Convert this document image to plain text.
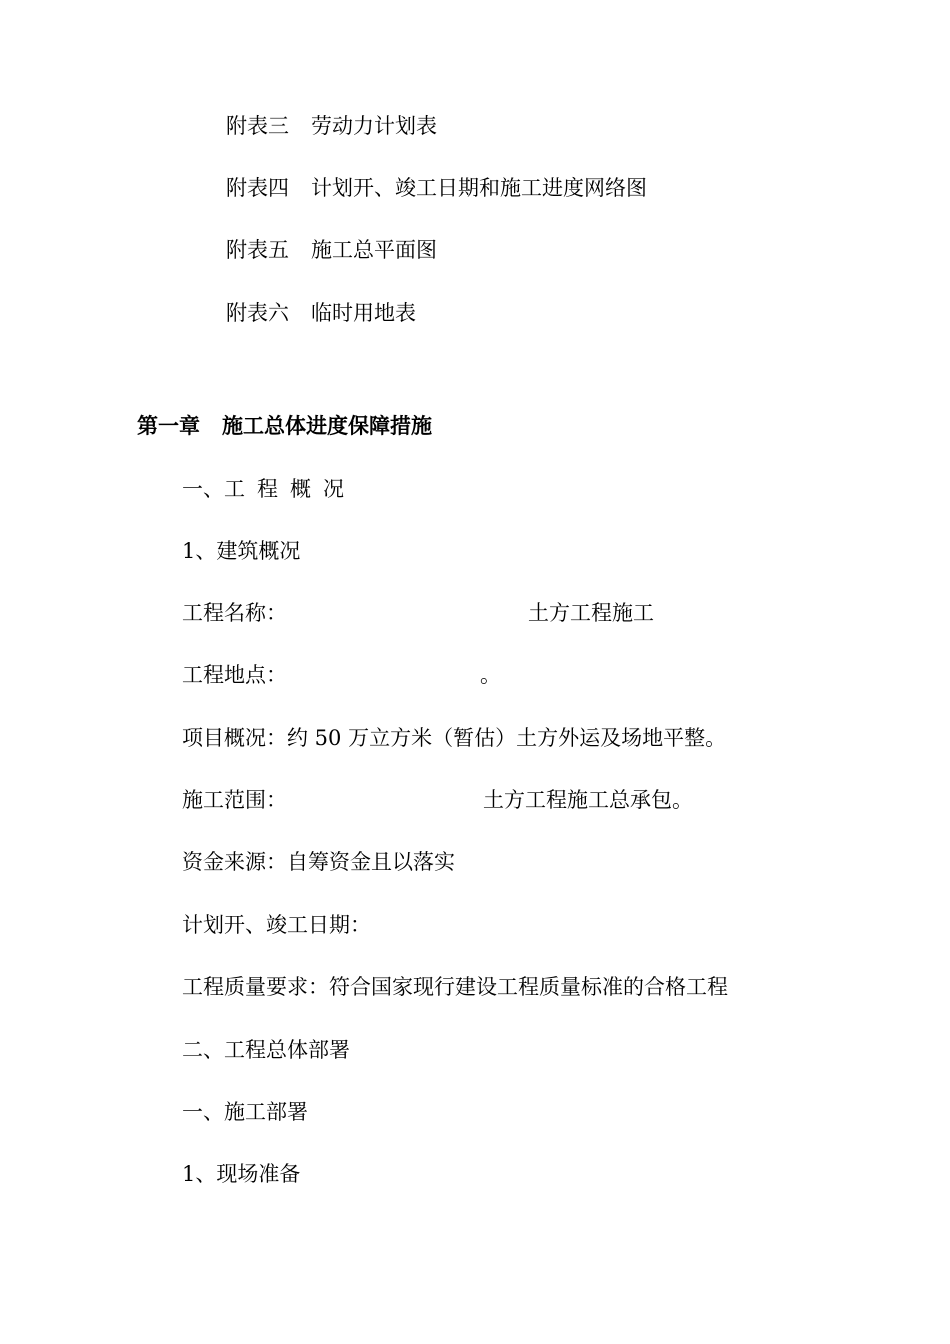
附表三 劳动力计划表
附表四 计划开、竣工日期和施工进度网络图
附表五 施工总平面图
附表六 临时用地表
第一章 施工总体进度保障措施
一、工 程 概 况
1、建筑概况
工程名称：	土方工程施工
工程地点：	。
项目概况：约 50 万立方米（暂估）土方外运及场地平整。
施工范围：	土方工程施工总承包。
资金来源：自筹资金且以落实
计划开、竣工日期：
工程质量要求：符合国家现行建设工程质量标准的合格工程
二、工程总体部署
一、施工部署
1、现场准备
